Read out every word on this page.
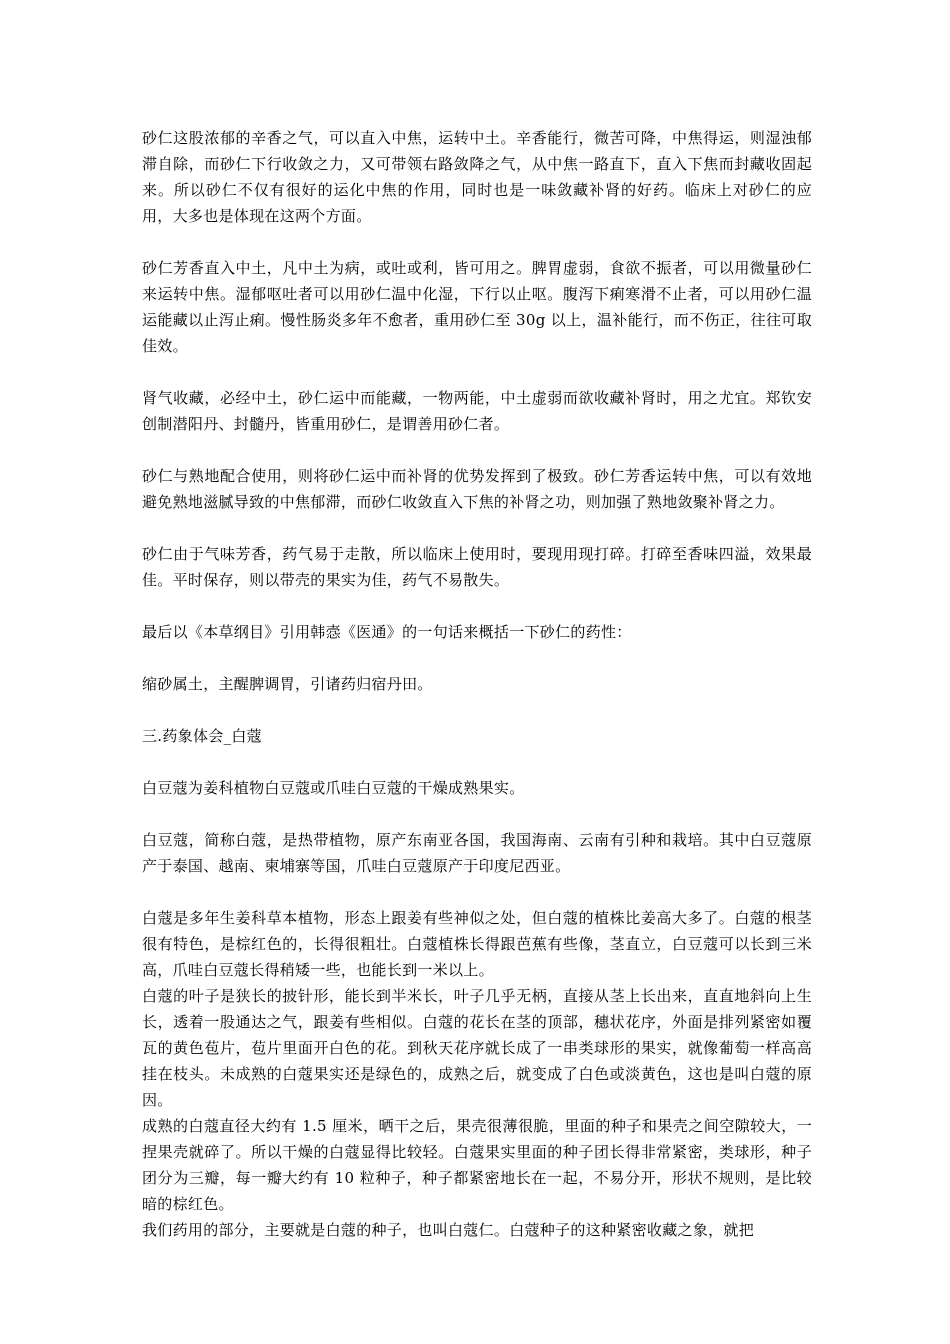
砂仁这股浓郁的辛香之气，可以直入中焦，运转中土。辛香能行，微苦可降，中焦得运，则湿浊郁滞自除，而砂仁下行收敛之力，又可带领右路敛降之气，从中焦一路直下，直入下焦而封藏收固起来。所以砂仁不仅有很好的运化中焦的作用，同时也是一味敛藏补肾的好药。临床上对砂仁的应用，大多也是体现在这两个方面。

砂仁芳香直入中土，凡中土为病，或吐或利，皆可用之。脾胃虚弱，食欲不振者，可以用微量砂仁来运转中焦。湿郁呕吐者可以用砂仁温中化湿，下行以止呕。腹泻下痢寒滑不止者，可以用砂仁温运能藏以止泻止痢。慢性肠炎多年不愈者，重用砂仁至 30g 以上，温补能行，而不伤正，往往可取佳效。

肾气收藏，必经中土，砂仁运中而能藏，一物两能，中土虚弱而欲收藏补肾时，用之尤宜。郑钦安创制潜阳丹、封髓丹，皆重用砂仁，是谓善用砂仁者。

砂仁与熟地配合使用，则将砂仁运中而补肾的优势发挥到了极致。砂仁芳香运转中焦，可以有效地避免熟地滋腻导致的中焦郁滞，而砂仁收敛直入下焦的补肾之功，则加强了熟地敛聚补肾之力。

砂仁由于气味芳香，药气易于走散，所以临床上使用时，要现用现打碎。打碎至香味四溢，效果最佳。平时保存，则以带壳的果实为佳，药气不易散失。

最后以《本草纲目》引用韩悫《医通》的一句话来概括一下砂仁的药性：

缩砂属土，主醒脾调胃，引诸药归宿丹田。

三.药象体会_白蔻

白豆蔻为姜科植物白豆蔻或爪哇白豆蔻的干燥成熟果实。

白豆蔻，简称白蔻，是热带植物，原产东南亚各国，我国海南、云南有引种和栽培。其中白豆蔻原产于泰国、越南、柬埔寨等国，爪哇白豆蔻原产于印度尼西亚。

白蔻是多年生姜科草本植物，形态上跟姜有些神似之处，但白蔻的植株比姜高大多了。白蔻的根茎很有特色，是棕红色的，长得很粗壮。白蔻植株长得跟芭蕉有些像，茎直立，白豆蔻可以长到三米高，爪哇白豆蔻长得稍矮一些，也能长到一米以上。

白蔻的叶子是狭长的披针形，能长到半米长，叶子几乎无柄，直接从茎上长出来，直直地斜向上生长，透着一股通达之气，跟姜有些相似。白蔻的花长在茎的顶部，穗状花序，外面是排列紧密如覆瓦的黄色苞片，苞片里面开白色的花。到秋天花序就长成了一串类球形的果实，就像葡萄一样高高挂在枝头。未成熟的白蔻果实还是绿色的，成熟之后，就变成了白色或淡黄色，这也是叫白蔻的原因。

成熟的白蔻直径大约有 1.5 厘米，晒干之后，果壳很薄很脆，里面的种子和果壳之间空隙较大，一捏果壳就碎了。所以干燥的白蔻显得比较轻。白蔻果实里面的种子团长得非常紧密，类球形，种子团分为三瓣，每一瓣大约有 10 粒种子，种子都紧密地长在一起，不易分开，形状不规则，是比较暗的棕红色。

我们药用的部分，主要就是白蔻的种子，也叫白蔻仁。白蔻种子的这种紧密收藏之象，就把
